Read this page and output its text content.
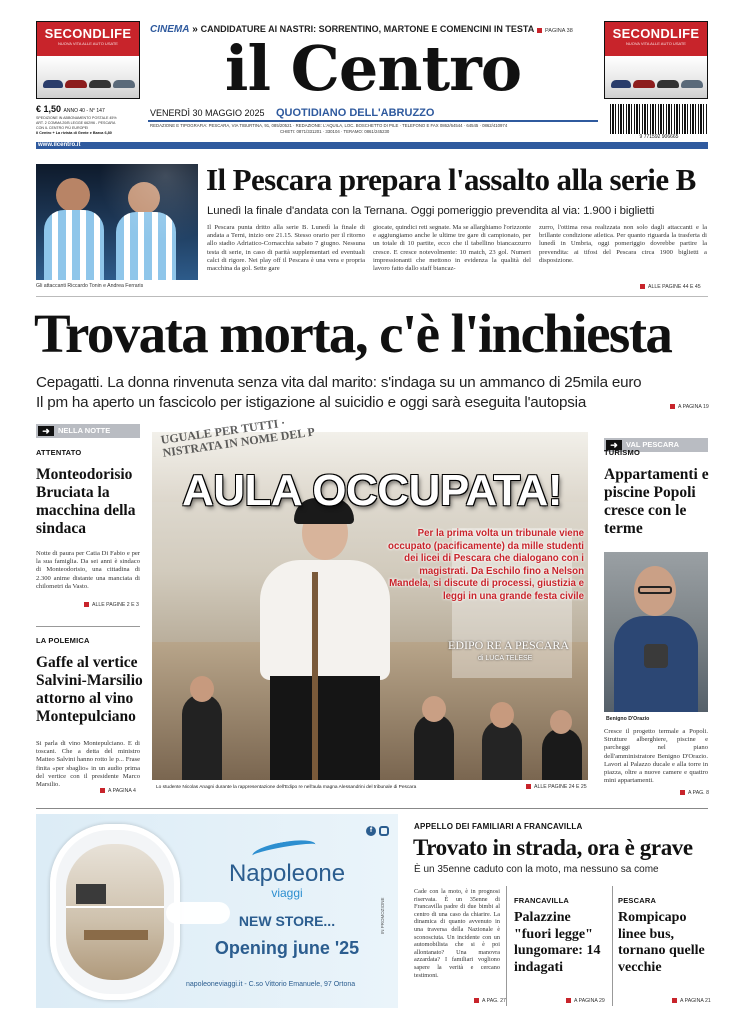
SECONDLIFE
NUOVA VITA ALLE AUTO USATE
SECONDLIFE
NUOVA VITA ALLE AUTO USATE
CINEMA » CANDIDATURE AI NASTRI: SORRENTINO, MARTONE E COMENCINI IN TESTA PAGINA 38
il Centro
€ 1,50 ANNO 40 - N° 147
SPEDIZIONE IN ABBONAMENTO POSTALE 45%
ART. 2 COMMA 20/B LEGGE 662/96 - PESCARA
CON IL CENTRO PIÙ EUROPEI
Il Centro + La rivista di Gente e Barca 6,80
VENERDÌ 30 MAGGIO 2025 QUOTIDIANO DELL'ABRUZZO
REDAZIONE E TIPOGRAFIA: PESCARA, VIA TIBURTINA, 91, 085/20521 · REDAZIONE: L'AQUILA, LOC. BOSCHETTO DI PILE · TELEFONO E FAX 0862/64544 · 64545 · 0862/410974
CHIETI: 0871/331201 · 330104 · TERAMO: 0861/245230
9 771592 906665
www.ilcentro.it
Gli attaccanti Riccardo Tonin e Andrea Ferraris
Il Pescara prepara l'assalto alla serie B
Lunedì la finale d'andata con la Ternana. Oggi pomeriggio prevendita al via: 1.900 i biglietti
Il Pescara punta dritto alla serie B. Lunedì la finale di andata a Terni, inizio ore 21.15. Stesso orario per il ritorno allo stadio Adriatico-Cornacchia sabato 7 giugno. Nessuna testa di serie, in caso di parità supplementari ed eventuali calci di rigore. Nei play off il Pescara è una vera e propria macchina da gol. Sette gare
giocate, quindici reti segnate. Ma se allarghiamo l'orizzonte e aggiungiamo anche le ultime tre gare di campionato, per un totale di 10 partite, ecco che il tabellino biancazzurro cresce. E cresce notevolmente: 10 match, 23 gol. Numeri impressionanti che mettono in evidenza la qualità del lavoro fatto dallo staff biancaz-
zurro, l'ottima resa realizzata non solo dagli attaccanti e la brillante condizione atletica. Per quanto riguarda la trasferta di lunedì in Umbria, oggi pomeriggio dovrebbe partire la prevendita: ai tifosi del Pescara circa 1900 biglietti a disposizione.
ALLE PAGINE 44 E 45
Trovata morta, c'è l'inchiesta
Cepagatti. La donna rinvenuta senza vita dal marito: s'indaga su un ammanco di 25mila euro
Il pm ha aperto un fascicolo per istigazione al suicidio e oggi sarà eseguita l'autopsia	A PAGINA 19
➜	NELLA NOTTE
ATTENTATO
Monteodorisio Bruciata la macchina della sindaca
Notte di paura per Catia Di Fabio e per la sua famiglia. Da sei anni è sindaco di Monteodorisio, una cittadina di 2.300 anime distante una manciata di chilometri da Vasto.
ALLE PAGINE 2 E 3
LA POLEMICA
Gaffe al vertice Salvini-Marsilio attorno al vino Montepulciano
Si parla di vino Montepulciano. E di toscani. Che a detta del ministro Matteo Salvini hanno rotto le p... Frase finita «per sbaglio» in un audio prima del vertice con il presidente Marco Marsilio.
A PAGINA 4
UGUALE PER TUTTI · NISTRATA IN NOME DEL P
AULA OCCUPATA!
Per la prima volta un tribunale viene occupato (pacificamente) da mille studenti dei licei di Pescara che dialogano con i magistrati. Da Eschilo fino a Nelson Mandela, si discute di processi, giustizia e leggi in una grande festa civile
EDIPO RE A PESCARA
di LUCA TELESE
Lo studente Nicolas Anagni durante la rappresentazione dell'Edipo re nell'aula magna Alessandrini del tribunale di Pescara	ALLE PAGINE 24 E 25
➜	VAL PESCARA
TURISMO
Appartamenti e piscine Popoli cresce con le terme
Benigno D'Orazio
Cresce il progetto termale a Popoli. Strutture alberghiere, piscine e parcheggi nel piano dell'amministratore Benigno D'Orazio. Lavori al Palazzo ducale e alla torre in piazza, oltre a nuove camere e quattro mini appartamenti.
A PAG. 8
Napoleone
viaggi
NEW STORE...
Opening june '25
napoleoneviaggi.it - C.so Vittorio Emanuele, 97 Ortona
f
IN PROMOZIONE
APPELLO DEI FAMILIARI A FRANCAVILLA
Trovato in strada, ora è grave
È un 35enne caduto con la moto, ma nessuno sa come
Cade con la moto, è in prognosi riservata. È un 35enne di Francavilla padre di due bimbi al centro di una caso da chiarire. La dinamica di quanto avvenuto in una traversa della Nazionale è sconosciuta. Un incidente con un automobilista che si è poi allontanato? Una manovra azzardata? I familiari vogliono sapere la verità e cercano testimoni.
A PAG. 27
FRANCAVILLA
Palazzine "fuori legge" lungomare: 14 indagati
A PAGINA 29
PESCARA
Rompicapo linee bus, tornano quelle vecchie
A PAGINA 21
